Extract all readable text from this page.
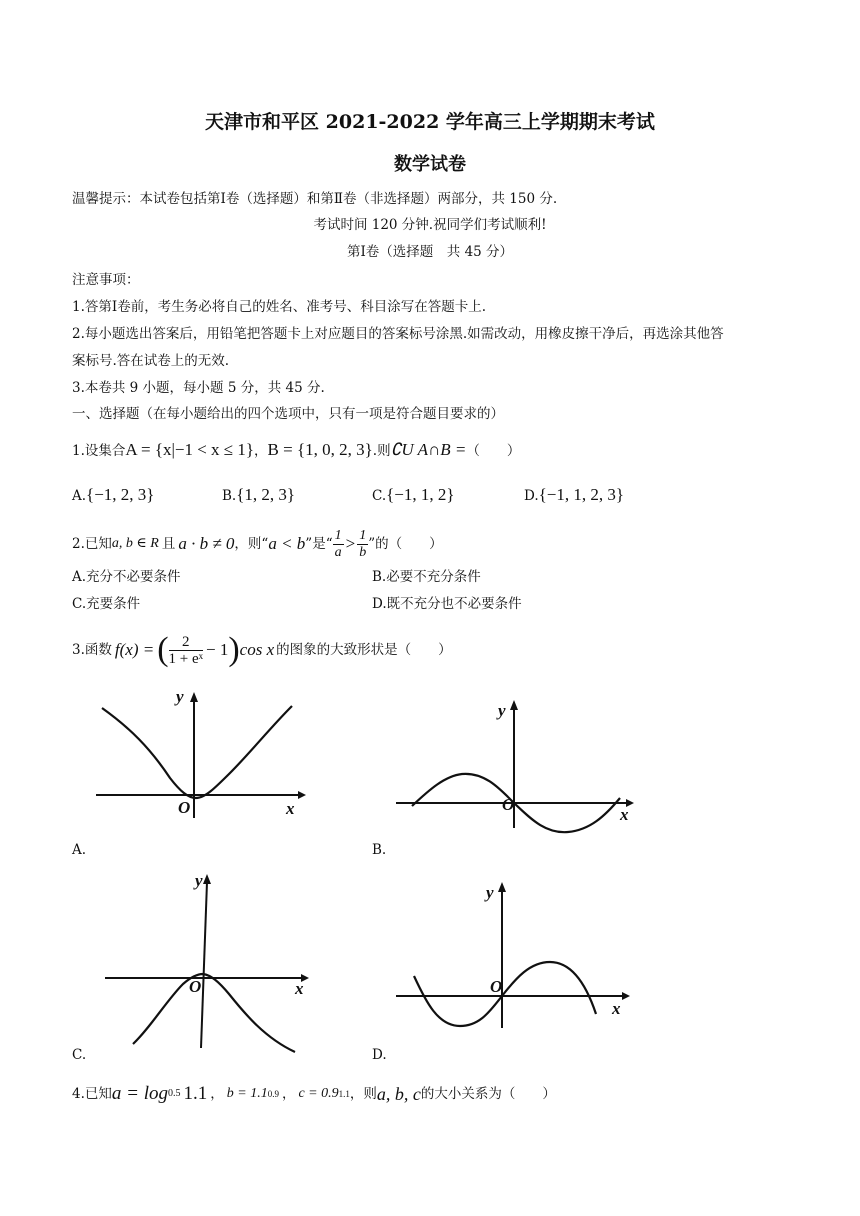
天津市和平区 2021-2022 学年高三上学期期末考试
数学试卷
温馨提示：本试卷包括第Ⅰ卷（选择题）和第Ⅱ卷（非选择题）两部分，共 150 分.
考试时间 120 分钟.祝同学们考试顺利!
第Ⅰ卷（选择题　共 45 分）
注意事项：
1.答第Ⅰ卷前，考生务必将自己的姓名、准考号、科目涂写在答题卡上.
2.每小题选出答案后，用铅笔把答题卡上对应题目的答案标号涂黑.如需改动，用橡皮擦干净后，再选涂其他答
案标号.答在试卷上的无效.
3.本卷共 9 小题，每小题 5 分，共 45 分.
一、选择题（在每小题给出的四个选项中，只有一项是符合题目要求的）
1.设集合A = {x|−1 < x ≤ 1}，B = {1, 0, 2, 3}.则∁U A∩B =（　　）
A.{−1, 2, 3}	B.{1, 2, 3}	C.{−1, 1, 2}	D.{−1, 1, 2, 3}
2.已知 a, b ∈ R 且 a · b ≠ 0 ，则“ a < b ”是“ $\frac{1}{a} > \frac{1}{b}$ ”的（　　）
A.充分不必要条件	B.必要不充分条件
C.充要条件	D.既不充分也不必要条件
3.函数 f(x) = ( $\frac{2}{\text{1 + eˣ}} - 1$ ) cos x 的图象的大致形状是（　　）
y
x
O
A.
y
x
O
B.
y
x
O
C.
y
x
O
D.
4.已知 a = log 0.5 1.1 ， b = 1.1 0.9 ， c = 0.9 1.1 ，则 a, b, c 的大小关系为（　　）
